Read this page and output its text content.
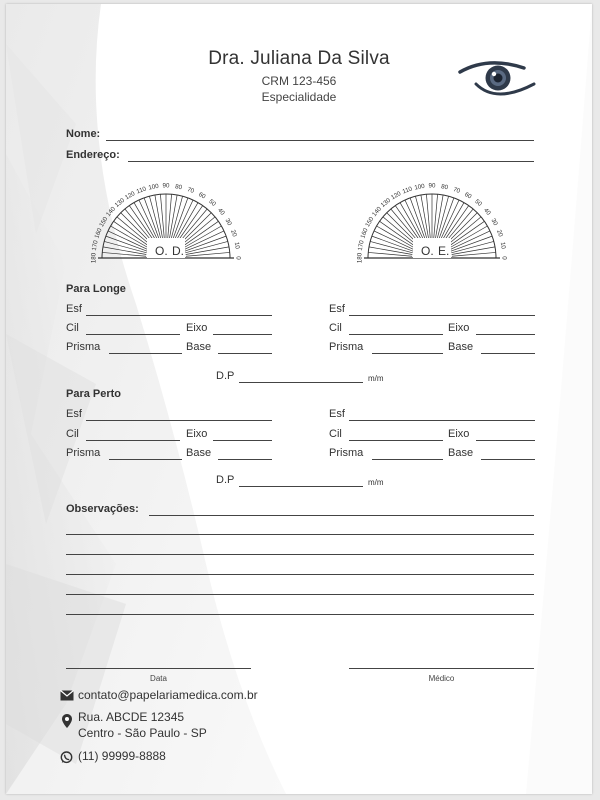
Dra. Juliana Da Silva
CRM 123-456
Especialidade
Nome:
Endereço:
180
170
160
150
140
130
120 110 100 90 80 70
60
50
40
30
20
10
0
O. D.	180
170
160
150
140
130
120 110 100 90 80 70
60
50
40
30
20
10
0
O. E.
Para Longe
Esf	Esf
Cil	Eixo	Cil	Eixo
Prisma	Base	Prisma	Base
D.P	m/m
Para Perto
Esf	Esf
Cil	Eixo	Cil	Eixo
Prisma	Base	Prisma	Base
D.P	m/m
Observações:
Data	Médico
contato@papelariamedica.com.br
Rua. ABCDE 12345
Centro - São Paulo - SP
(11) 99999-8888
